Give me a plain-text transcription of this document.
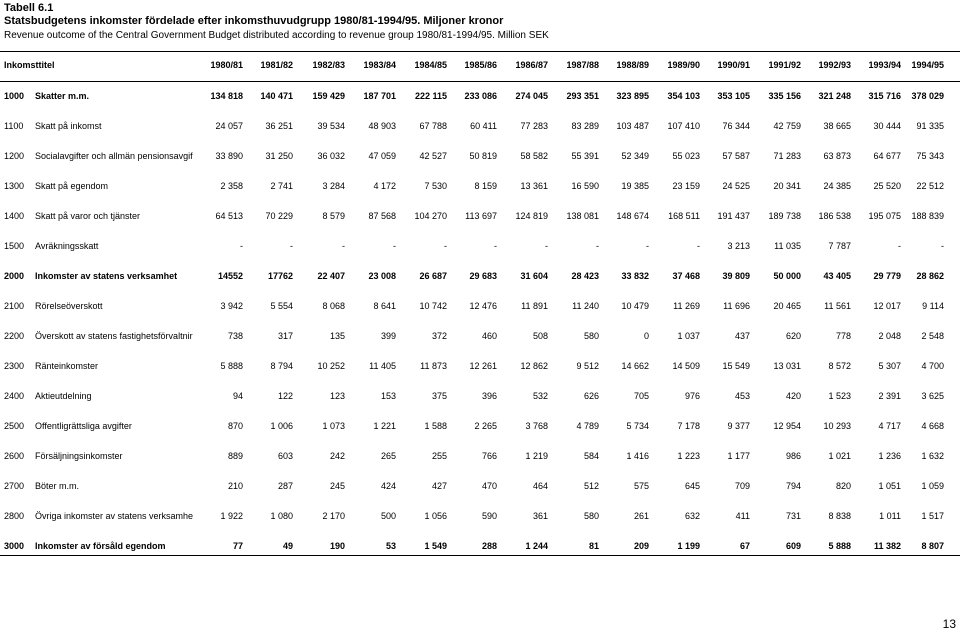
Tabell 6.1
Statsbudgetens inkomster fördelade efter inkomsthuvudgrupp 1980/81-1994/95. Miljoner kronor
Revenue outcome of the Central Government Budget distributed according to revenue group 1980/81-1994/95. Million SEK
Inkomsttitel	1980/81	1981/82	1982/83	1983/84	1984/85	1985/86	1986/87	1987/88	1988/89	1989/90	1990/91	1991/92	1992/93	1993/94	1994/95
1000 Skatter m.m.	134 818	140 471	159 429	187 701	222 115	233 086	274 045	293 351	323 895	354 103	353 105	335 156	321 248	315 716	378 029
1100 Skatt på inkomst	24 057	36 251	39 534	48 903	67 788	60 411	77 283	83 289	103 487	107 410	76 344	42 759	38 665	30 444	91 335
1200 Socialavgifter och allmän pensionsavgif	33 890	31 250	36 032	47 059	42 527	50 819	58 582	55 391	52 349	55 023	57 587	71 283	63 873	64 677	75 343
1300 Skatt på egendom	2 358	2 741	3 284	4 172	7 530	8 159	13 361	16 590	19 385	23 159	24 525	20 341	24 385	25 520	22 512
1400 Skatt på varor och tjänster	64 513	70 229	8 579	87 568	104 270	113 697	124 819	138 081	148 674	168 511	191 437	189 738	186 538	195 075	188 839
1500 Avräkningsskatt	-	-	-	-	-	-	-	-	-	-	3 213	11 035	7 787	-	-
2000 Inkomster av statens verksamhet	14552	17762	22 407	23 008	26 687	29 683	31 604	28 423	33 832	37 468	39 809	50 000	43 405	29 779	28 862
2100 Rörelseöverskott	3 942	5 554	8 068	8 641	10 742	12 476	11 891	11 240	10 479	11 269	11 696	20 465	11 561	12 017	9 114
2200 Överskott av statens fastighetsförvaltnir	738	317	135	399	372	460	508	580	0	1 037	437	620	778	2 048	2 548
2300 Ränteinkomster	5 888	8 794	10 252	11 405	11 873	12 261	12 862	9 512	14 662	14 509	15 549	13 031	8 572	5 307	4 700
2400 Aktieutdelning	94	122	123	153	375	396	532	626	705	976	453	420	1 523	2 391	3 625
2500 Offentligrättsliga avgifter	870	1 006	1 073	1 221	1 588	2 265	3 768	4 789	5 734	7 178	9 377	12 954	10 293	4 717	4 668
2600 Försäljningsinkomster	889	603	242	265	255	766	1 219	584	1 416	1 223	1 177	986	1 021	1 236	1 632
2700 Böter m.m.	210	287	245	424	427	470	464	512	575	645	709	794	820	1 051	1 059
2800 Övriga inkomster av statens verksamhe	1 922	1 080	2 170	500	1 056	590	361	580	261	632	411	731	8 838	1 011	1 517
3000 Inkomster av försåld egendom	77	49	190	53	1 549	288	1 244	81	209	1 199	67	609	5 888	11 382	8 807
13
